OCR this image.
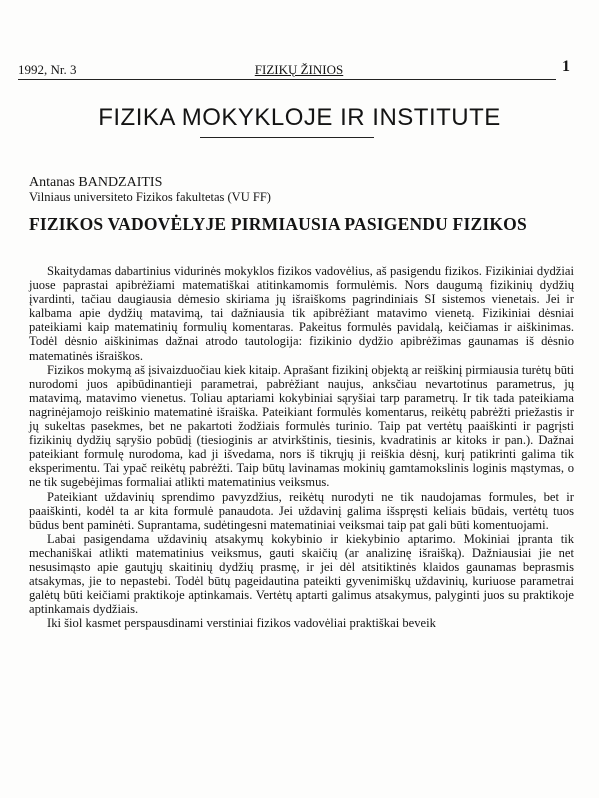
1992, Nr. 3	FIZIKŲ ŽINIOS	1
FIZIKA MOKYKLOJE IR INSTITUTE
Antanas BANDZAITIS
Vilniaus universiteto Fizikos fakultetas (VU FF)
FIZIKOS VADOVĖLYJE PIRMIAUSIA PASIGENDU FIZIKOS

Skaitydamas dabartinius vidurinės mokyklos fizikos vadovėlius, aš pasigendu fizikos. Fizikiniai dydžiai juose paprastai apibrėžiami matematiškai atitinkamomis formulėmis. Nors daugumą fizikinių dydžių įvardinti, tačiau daugiausia dėmesio skiriama jų išraiškoms pagrindiniais SI sistemos vienetais. Jei ir kalbama apie dydžių matavimą, tai dažniausia tik apibrėžiant matavimo vienetą. Fizikiniai dėsniai pateikiami kaip matematinių formulių komentaras. Pakeitus formulės pavidalą, keičiamas ir aiškinimas. Todėl dėsnio aiškinimas dažnai atrodo tautologija: fizikinio dydžio apibrėžimas gaunamas iš dėsnio matematinės išraiškos.

Fizikos mokymą aš įsivaizduočiau kiek kitaip. Aprašant fizikinį objektą ar reiškinį pirmiausia turėtų būti nurodomi juos apibūdinantieji parametrai, pabrėžiant naujus, anksčiau nevartotinus parametrus, jų matavimą, matavimo vienetus. Toliau aptariami kokybiniai sąryšiai tarp parametrų. Ir tik tada pateikiama nagrinėjamojo reiškinio matematinė išraiška. Pateikiant formulės komentarus, reikėtų pabrėžti priežastis ir jų sukeltas pasekmes, bet ne pakartoti žodžiais formulės turinio. Taip pat vertėtų paaiškinti ir pagrįsti fizikinių dydžių sąryšio pobūdį (tiesioginis ar atvirkštinis, tiesinis, kvadratinis ar kitoks ir pan.). Dažnai pateikiant formulę nurodoma, kad ji išvedama, nors iš tikrųjų ji reiškia dėsnį, kurį patikrinti galima tik eksperimentu. Tai ypač reikėtų pabrėžti. Taip būtų lavinamas mokinių gamtamokslinis loginis mąstymas, o ne tik sugebėjimas formaliai atlikti matematinius veiksmus.

Pateikiant uždavinių sprendimo pavyzdžius, reikėtų nurodyti ne tik naudojamas formules, bet ir paaiškinti, kodėl ta ar kita formulė panaudota. Jei uždavinį galima išspręsti keliais būdais, vertėtų tuos būdus bent paminėti. Suprantama, sudėtingesni matematiniai veiksmai taip pat gali būti komentuojami.

Labai pasigendama uždavinių atsakymų kokybinio ir kiekybinio aptarimo. Mokiniai įpranta tik mechaniškai atlikti matematinius veiksmus, gauti skaičių (ar analizinę išraišką). Dažniausiai jie net nesusimąsto apie gautųjų skaitinių dydžių prasmę, ir jei dėl atsitiktinės klaidos gaunamas beprasmis atsakymas, jie to nepastebi. Todėl būtų pageidautina pateikti gyvenimiškų uždavinių, kuriuose parametrai galėtų būti keičiami praktikoje aptinkamais. Vertėtų aptarti galimus atsakymus, palyginti juos su praktikoje aptinkamais dydžiais.

Iki šiol kasmet perspausdinami verstiniai fizikos vadovėliai praktiškai beveik
